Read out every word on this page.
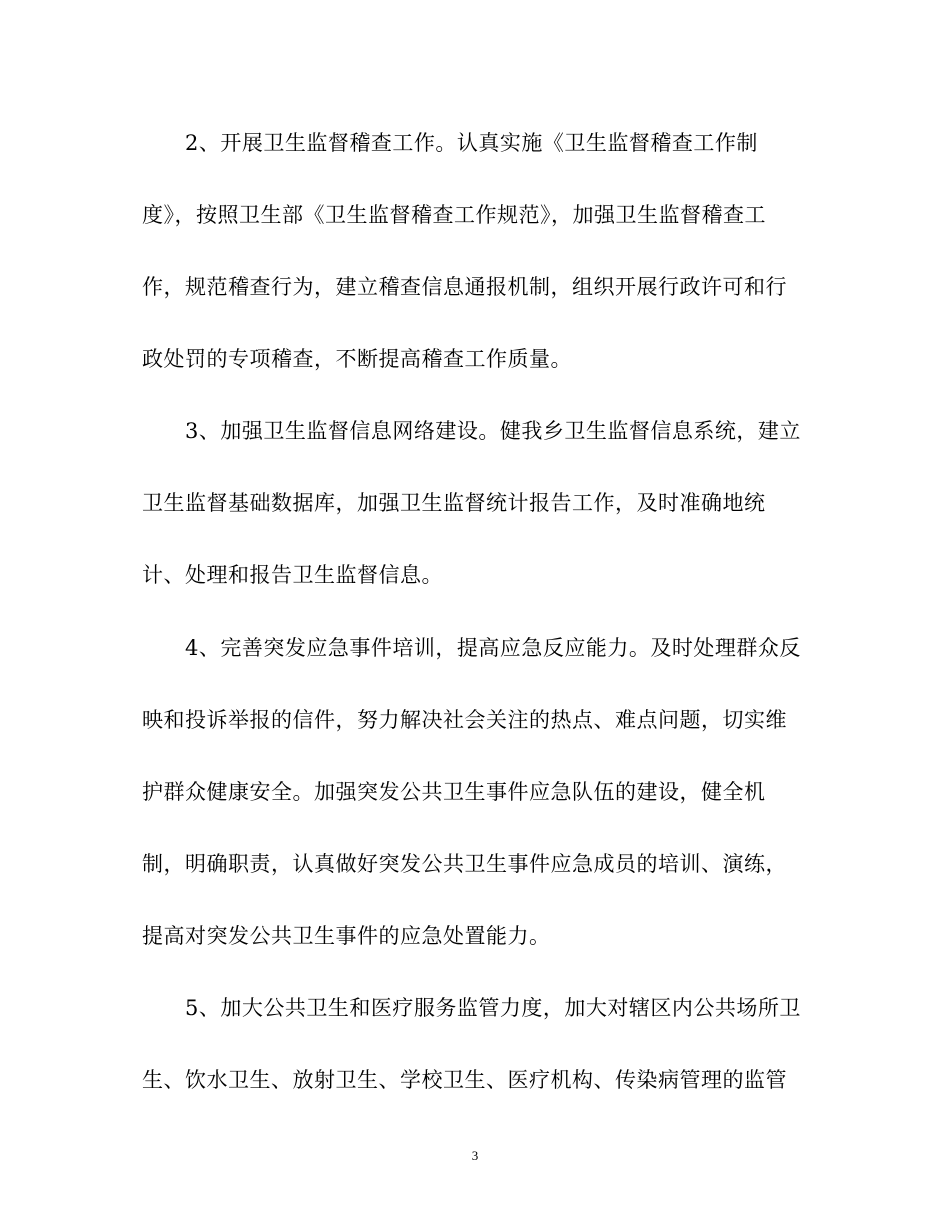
　　2、开展卫生监督稽查工作。认真实施《卫生监督稽查工作制
度》，按照卫生部《卫生监督稽查工作规范》，加强卫生监督稽查工
作，规范稽查行为，建立稽查信息通报机制，组织开展行政许可和行
政处罚的专项稽查，不断提高稽查工作质量。
　　3、加强卫生监督信息网络建设。健我乡卫生监督信息系统，建立
卫生监督基础数据库，加强卫生监督统计报告工作，及时准确地统
计、处理和报告卫生监督信息。
　　4、完善突发应急事件培训，提高应急反应能力。及时处理群众反
映和投诉举报的信件，努力解决社会关注的热点、难点问题，切实维
护群众健康安全。加强突发公共卫生事件应急队伍的建设，健全机
制，明确职责，认真做好突发公共卫生事件应急成员的培训、演练，
提高对突发公共卫生事件的应急处置能力。
　　5、加大公共卫生和医疗服务监管力度，加大对辖区内公共场所卫
生、饮水卫生、放射卫生、学校卫生、医疗机构、传染病管理的监管
3
